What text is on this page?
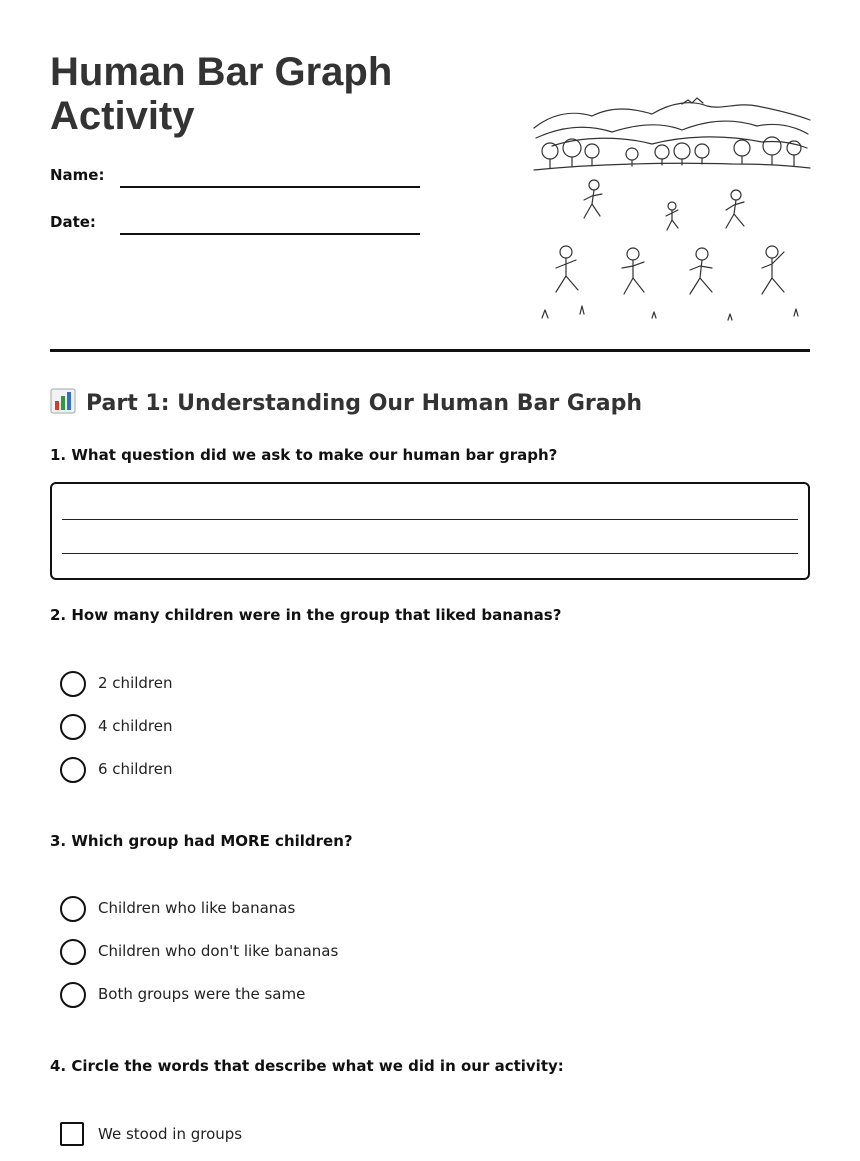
Human Bar Graph Activity
Name:
Date:
Part 1: Understanding Our Human Bar Graph
1. What question did we ask to make our human bar graph?
2. How many children were in the group that liked bananas?
2 children
4 children
6 children
3. Which group had MORE children?
Children who like bananas
Children who don't like bananas
Both groups were the same
4. Circle the words that describe what we did in our activity:
We stood in groups
